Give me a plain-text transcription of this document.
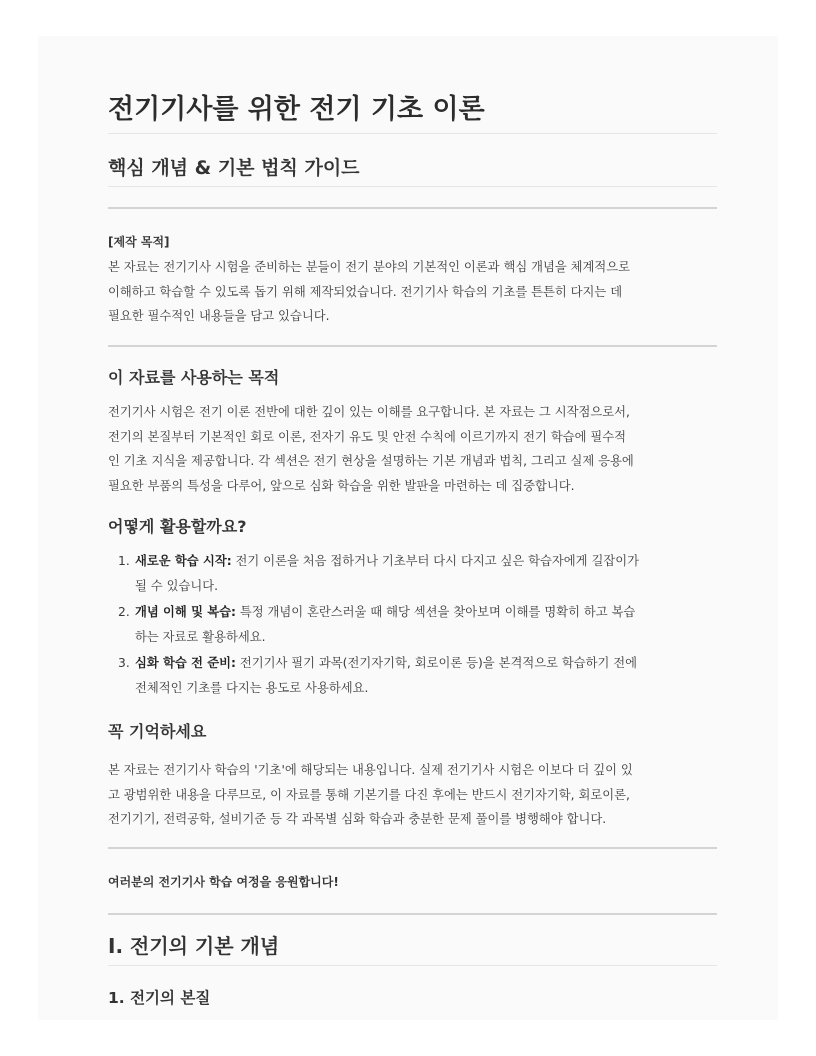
전기기사를 위한 전기 기초 이론
핵심 개념 & 기본 법칙 가이드
[제작 목적]

본 자료는 전기기사 시험을 준비하는 분들이 전기 분야의 기본적인 이론과 핵심 개념을 체계적으로
이해하고 학습할 수 있도록 돕기 위해 제작되었습니다. 전기기사 학습의 기초를 튼튼히 다지는 데
필요한 필수적인 내용들을 담고 있습니다.

이 자료를 사용하는 목적

전기기사 시험은 전기 이론 전반에 대한 깊이 있는 이해를 요구합니다. 본 자료는 그 시작점으로서,
전기의 본질부터 기본적인 회로 이론, 전자기 유도 및 안전 수칙에 이르기까지 전기 학습에 필수적
인 기초 지식을 제공합니다. 각 섹션은 전기 현상을 설명하는 기본 개념과 법칙, 그리고 실제 응용에
필요한 부품의 특성을 다루어, 앞으로 심화 학습을 위한 발판을 마련하는 데 집중합니다.

어떻게 활용할까요?
1. 새로운 학습 시작: 전기 이론을 처음 접하거나 기초부터 다시 다지고 싶은 학습자에게 길잡이가
될 수 있습니다.
2. 개념 이해 및 복습: 특정 개념이 혼란스러울 때 해당 섹션을 찾아보며 이해를 명확히 하고 복습
하는 자료로 활용하세요.
3. 심화 학습 전 준비: 전기기사 필기 과목(전기자기학, 회로이론 등)을 본격적으로 학습하기 전에
전체적인 기초를 다지는 용도로 사용하세요.
꼭 기억하세요

본 자료는 전기기사 학습의 '기초'에 해당되는 내용입니다. 실제 전기기사 시험은 이보다 더 깊이 있
고 광범위한 내용을 다루므로, 이 자료를 통해 기본기를 다진 후에는 반드시 전기자기학, 회로이론,
전기기기, 전력공학, 설비기준 등 각 과목별 심화 학습과 충분한 문제 풀이를 병행해야 합니다.

여러분의 전기기사 학습 여정을 응원합니다!
I. 전기의 기본 개념
1. 전기의 본질
